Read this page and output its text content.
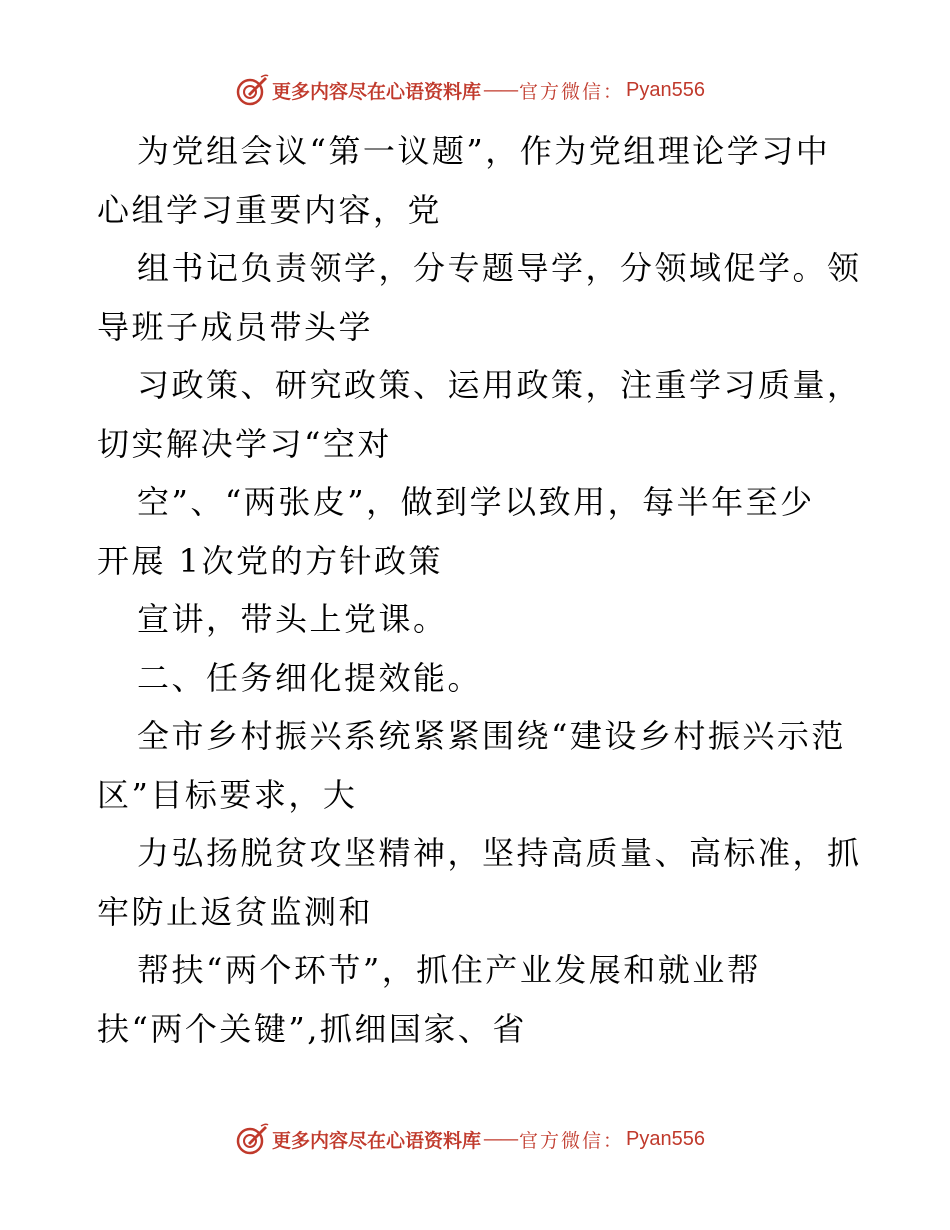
更多内容尽在心语资料库 —— 官方微信： Pyan556
为党组会议“第一议题”，作为党组理论学习中
心组学习重要内容，党
组书记负责领学，分专题导学，分领域促学。领
导班子成员带头学
习政策、研究政策、运用政策，注重学习质量，
切实解决学习“空对
空”、“两张皮”，做到学以致用，每半年至少
开展 1次党的方针政策
宣讲，带头上党课。
二、任务细化提效能。
全市乡村振兴系统紧紧围绕“建设乡村振兴示范
区”目标要求，大
力弘扬脱贫攻坚精神，坚持高质量、高标准，抓
牢防止返贫监测和
帮扶“两个环节”，抓住产业发展和就业帮
扶“两个关键”,抓细国家、省
更多内容尽在心语资料库 —— 官方微信： Pyan556
